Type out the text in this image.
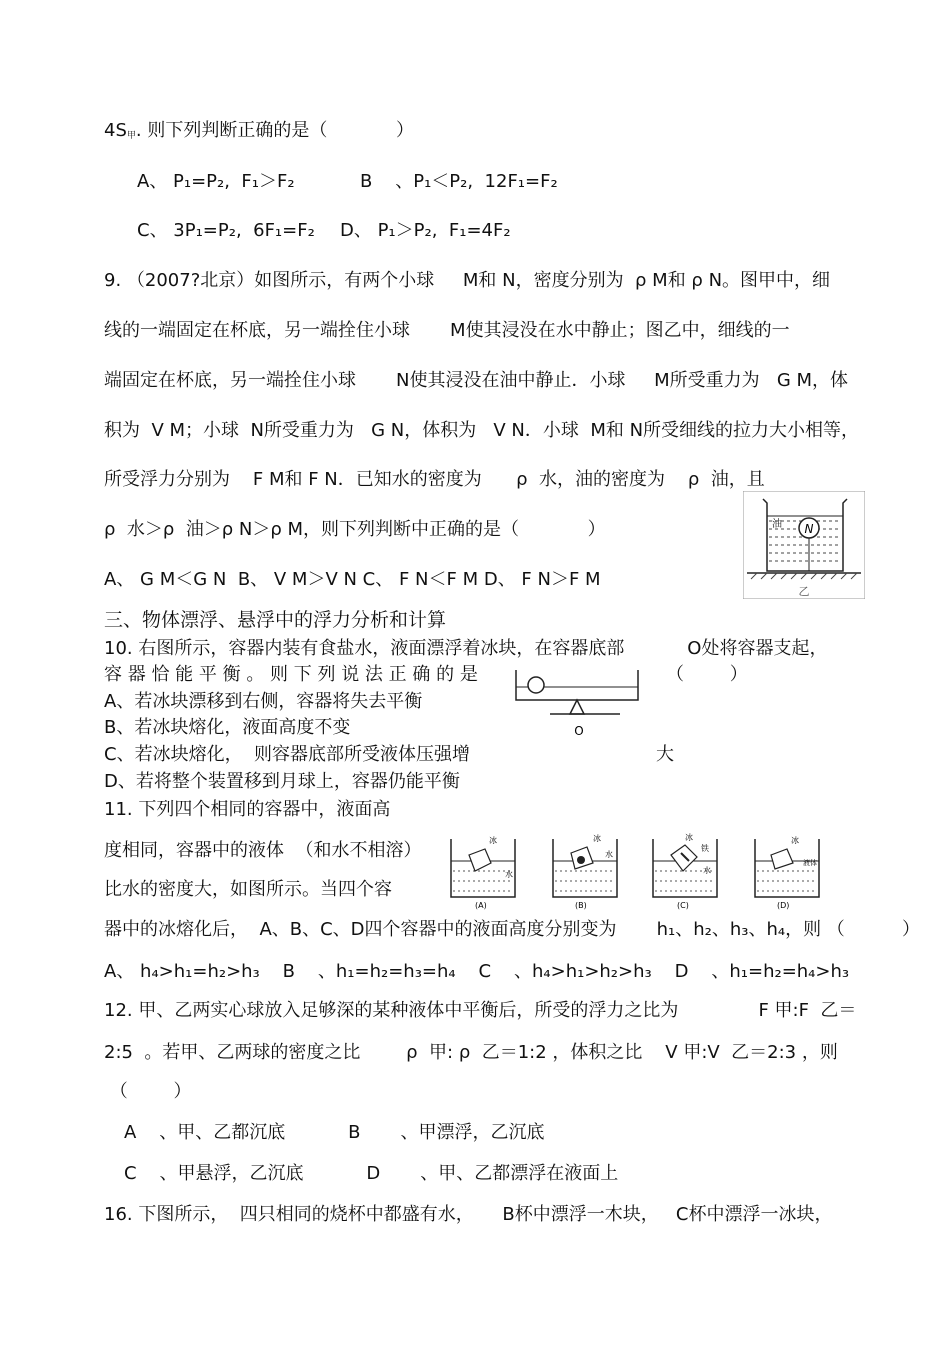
4S甲. 则下列判断正确的是（            ）
A、 P₁=P₂,  F₁＞F₂	B    、P₁＜P₂,  12F₁=F₂
C、 3P₁=P₂,  6F₁=F₂ D、 P₁＞P₂,  F₁=4F₂
9. （2007?北京）如图所示，有两个小球     M和 N，密度分别为  ρ M和 ρ N。图甲中，细
线的一端固定在杯底，另一端拴住小球       M使其浸没在水中静止；图乙中，细线的一
端固定在杯底，另一端拴住小球       N使其浸没在油中静止．小球     M所受重力为   G M，体
积为  V M；小球  N所受重力为   G N，体积为   V N．小球  M和 N所受细线的拉力大小相等，
所受浮力分别为    F M和 F N．已知水的密度为      ρ  水，油的密度为    ρ  油，且
ρ  水＞ρ  油＞ρ N＞ρ M，则下列判断中正确的是（            ）
A、 G M＜G N  B、 V M＞V N C、 F N＜F M D、 F N＞F M
三、物体漂浮、悬浮中的浮力分析和计算
10. 右图所示，容器内装有食盐水，液面漂浮着冰块，在容器底部           O处将容器支起，
容 器 恰 能 平 衡 。 则 下 列 说 法 正 确 的 是	（        ）
A、若冰块漂移到右侧，容器将失去平衡
B、若冰块熔化，液面高度不变
C、若冰块熔化，  则容器底部所受液体压强增	大
D、若将整个装置移到月球上，容器仍能平衡
11. 下列四个相同的容器中，液面高
度相同，容器中的液体  （和水不相溶）
比水的密度大，如图所示。当四个容
器中的冰熔化后，  A、B、C、D四个容器中的液面高度分别变为       h₁、h₂、h₃、h₄，则 （          ）
A、 h₄>h₁=h₂>h₃    B    、h₁=h₂=h₃=h₄    C    、h₄>h₁>h₂>h₃    D    、h₁=h₂=h₄>h₃
12. 甲、乙两实心球放入足够深的某种液体中平衡后，所受的浮力之比为              F 甲:F  乙＝
2:5  。若甲、乙两球的密度之比        ρ  甲: ρ  乙＝1:2 ，体积之比    V 甲:V  乙＝2:3 ，则
（        ）
A    、甲、乙都沉底           B       、甲漂浮，乙沉底
C    、甲悬浮，乙沉底           D       、甲、乙都漂浮在液面上
16. 下图所示，  四只相同的烧杯中都盛有水，     B杯中漂浮一木块，   C杯中漂浮一冰块，
N
油
乙
O
冰
水
(A)
冰
水
(B)
冰
铁
水
(C)
冰
液体
(D)
